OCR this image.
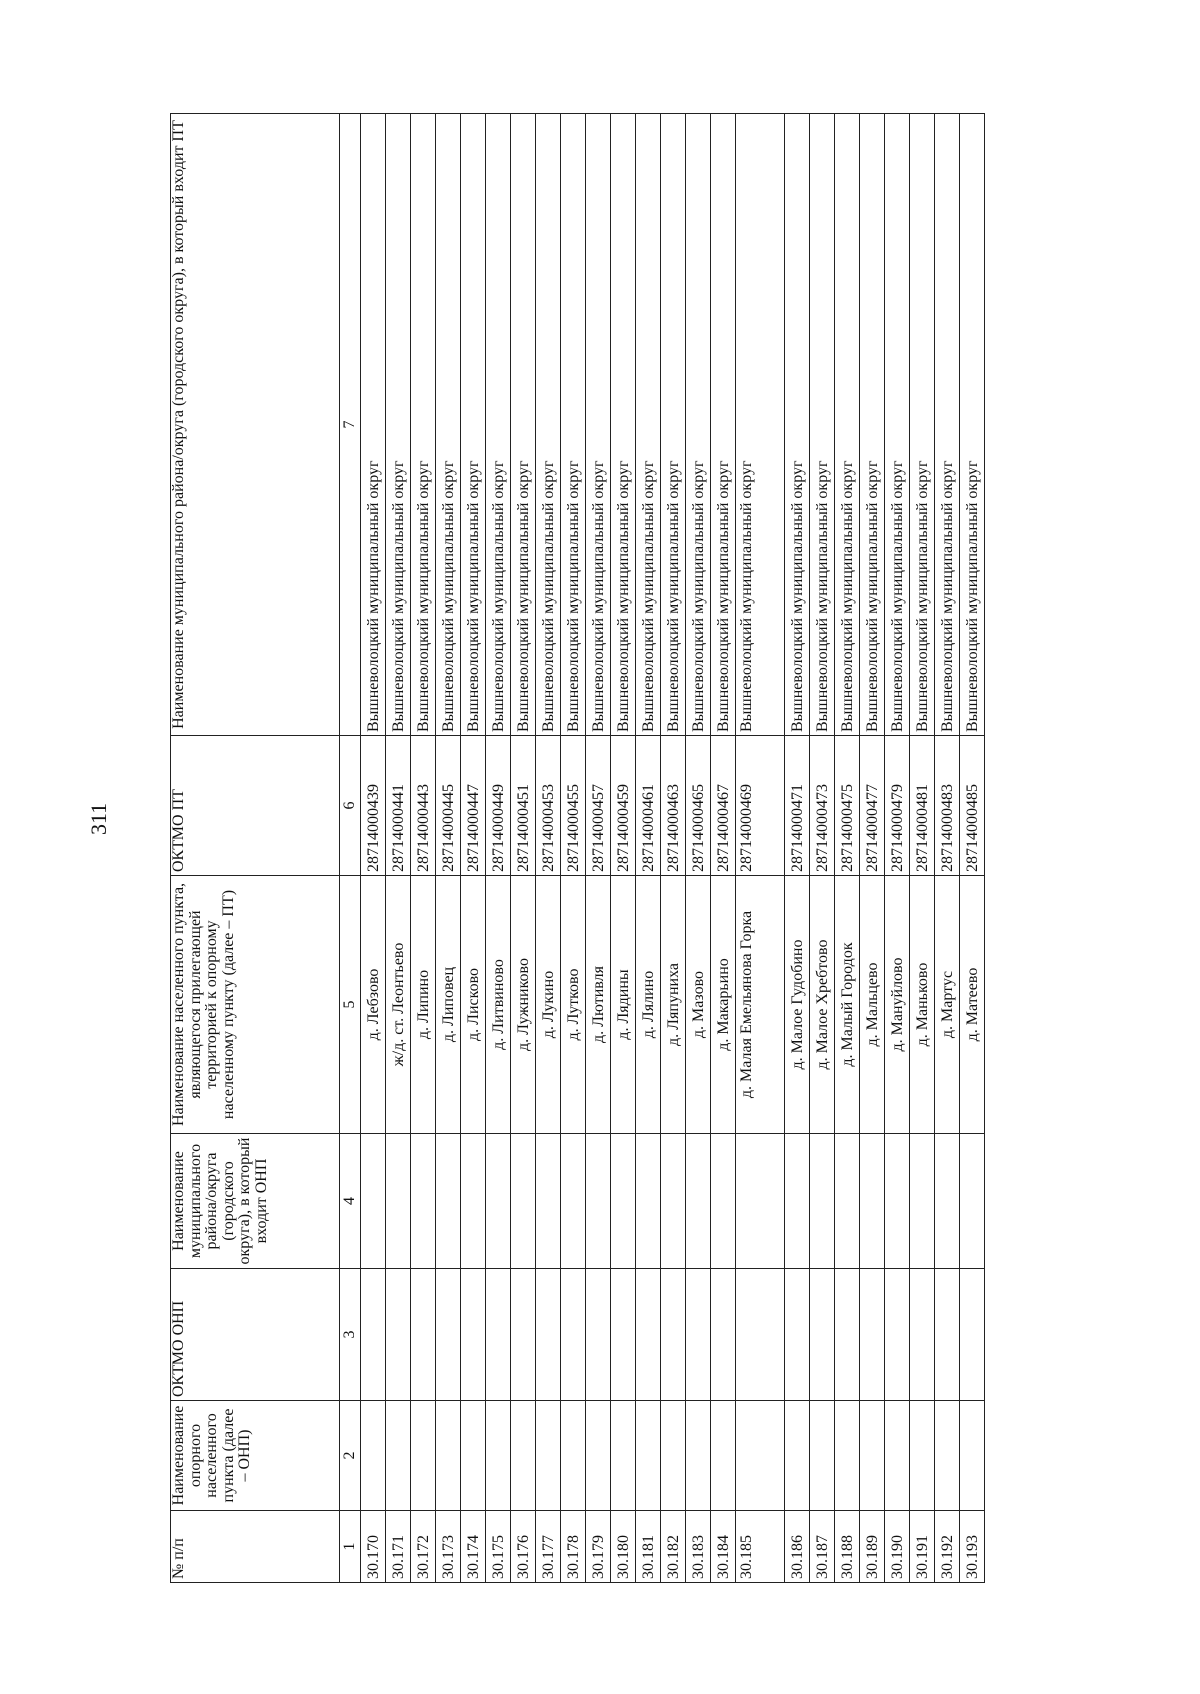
311
№ п/п	Наименование опорного населенного пункта (далее – ОНП)	ОКТМО ОНП	Наименование муниципального района/округа (городского округа), в который входит ОНП	Наименование населенного пункта, являющегося прилегающей территорией к опорному населенному пункту (далее – ПТ)	ОКТМО ПТ	Наименование муниципального района/округа (городского округа), в который входит ПТ
1	2	3	4	5	6	7
30.170				д. Лебзово	28714000439	Вышневолоцкий муниципальный округ
30.171				ж/д. ст. Леонтьево	28714000441	Вышневолоцкий муниципальный округ
30.172				д. Липино	28714000443	Вышневолоцкий муниципальный округ
30.173				д. Липовец	28714000445	Вышневолоцкий муниципальный округ
30.174				д. Лисково	28714000447	Вышневолоцкий муниципальный округ
30.175				д. Литвиново	28714000449	Вышневолоцкий муниципальный округ
30.176				д. Лужниково	28714000451	Вышневолоцкий муниципальный округ
30.177				д. Лукино	28714000453	Вышневолоцкий муниципальный округ
30.178				д. Лутково	28714000455	Вышневолоцкий муниципальный округ
30.179				д. Лютивля	28714000457	Вышневолоцкий муниципальный округ
30.180				д. Лядины	28714000459	Вышневолоцкий муниципальный округ
30.181				д. Лялино	28714000461	Вышневолоцкий муниципальный округ
30.182				д. Ляпуниха	28714000463	Вышневолоцкий муниципальный округ
30.183				д. Мазово	28714000465	Вышневолоцкий муниципальный округ
30.184				д. Макарьино	28714000467	Вышневолоцкий муниципальный округ
30.185				д. Малая Емельянова Горка	28714000469	Вышневолоцкий муниципальный округ
30.186				д. Малое Гудобино	28714000471	Вышневолоцкий муниципальный округ
30.187				д. Малое Хребтово	28714000473	Вышневолоцкий муниципальный округ
30.188				д. Малый Городок	28714000475	Вышневолоцкий муниципальный округ
30.189				д. Мальцево	28714000477	Вышневолоцкий муниципальный округ
30.190				д. Мануйлово	28714000479	Вышневолоцкий муниципальный округ
30.191				д. Маньково	28714000481	Вышневолоцкий муниципальный округ
30.192				д. Мартус	28714000483	Вышневолоцкий муниципальный округ
30.193				д. Матеево	28714000485	Вышневолоцкий муниципальный округ
